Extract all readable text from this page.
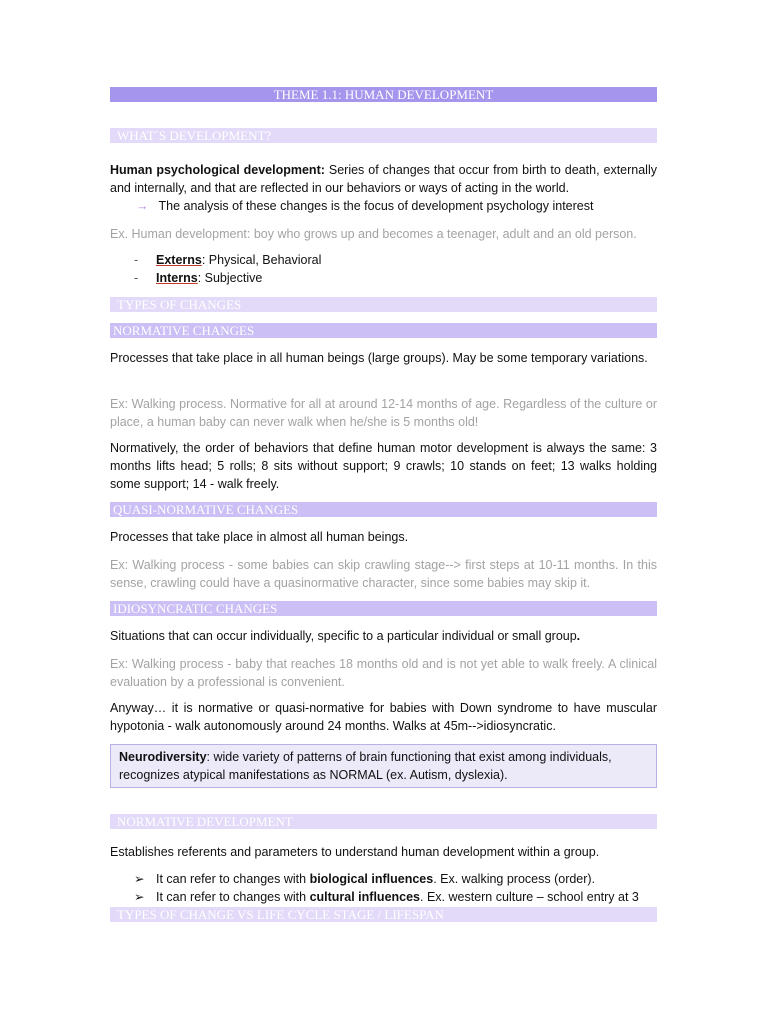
THEME 1.1: HUMAN DEVELOPMENT
WHAT´S DEVELOPMENT?

Human psychological development: Series of changes that occur from birth to death, externally and internally, and that are reflected in our behaviors or ways of acting in the world.

→ The analysis of these changes is the focus of development psychology interest

Ex. Human development: boy who grows up and becomes a teenager, adult and an old person.

- Externs: Physical, Behavioral
- Interns: Subjective
TYPES OF CHANGES
NORMATIVE CHANGES

Processes that take place in all human beings (large groups). May be some temporary variations.

Ex: Walking process. Normative for all at around 12-14 months of age. Regardless of the culture or place, a human baby can never walk when he/she is 5 months old!

Normatively, the order of behaviors that define human motor development is always the same: 3 months lifts head; 5 rolls; 8 sits without support; 9 crawls; 10 stands on feet; 13 walks holding some support; 14 - walk freely.

QUASI-NORMATIVE CHANGES

Processes that take place in almost all human beings.

Ex: Walking process - some babies can skip crawling stage--> first steps at 10-11 months. In this sense, crawling could have a quasinormative character, since some babies may skip it.

IDIOSYNCRATIC CHANGES

Situations that can occur individually, specific to a particular individual or small group.

Ex: Walking process - baby that reaches 18 months old and is not yet able to walk freely. A clinical evaluation by a professional is convenient.

Anyway… it is normative or quasi-normative for babies with Down syndrome to have muscular hypotonia - walk autonomously around 24 months. Walks at 45m-->idiosyncratic.

Neurodiversity: wide variety of patterns of brain functioning that exist among individuals, recognizes atypical manifestations as NORMAL (ex. Autism, dyslexia).
NORMATIVE DEVELOPMENT

Establishes referents and parameters to understand human development within a group.

➢ It can refer to changes with biological influences. Ex. walking process (order).
➢ It can refer to changes with cultural influences. Ex. western culture – school entry at 3
TYPES OF CHANGE VS LIFE CYCLE STAGE / LIFESPAN
